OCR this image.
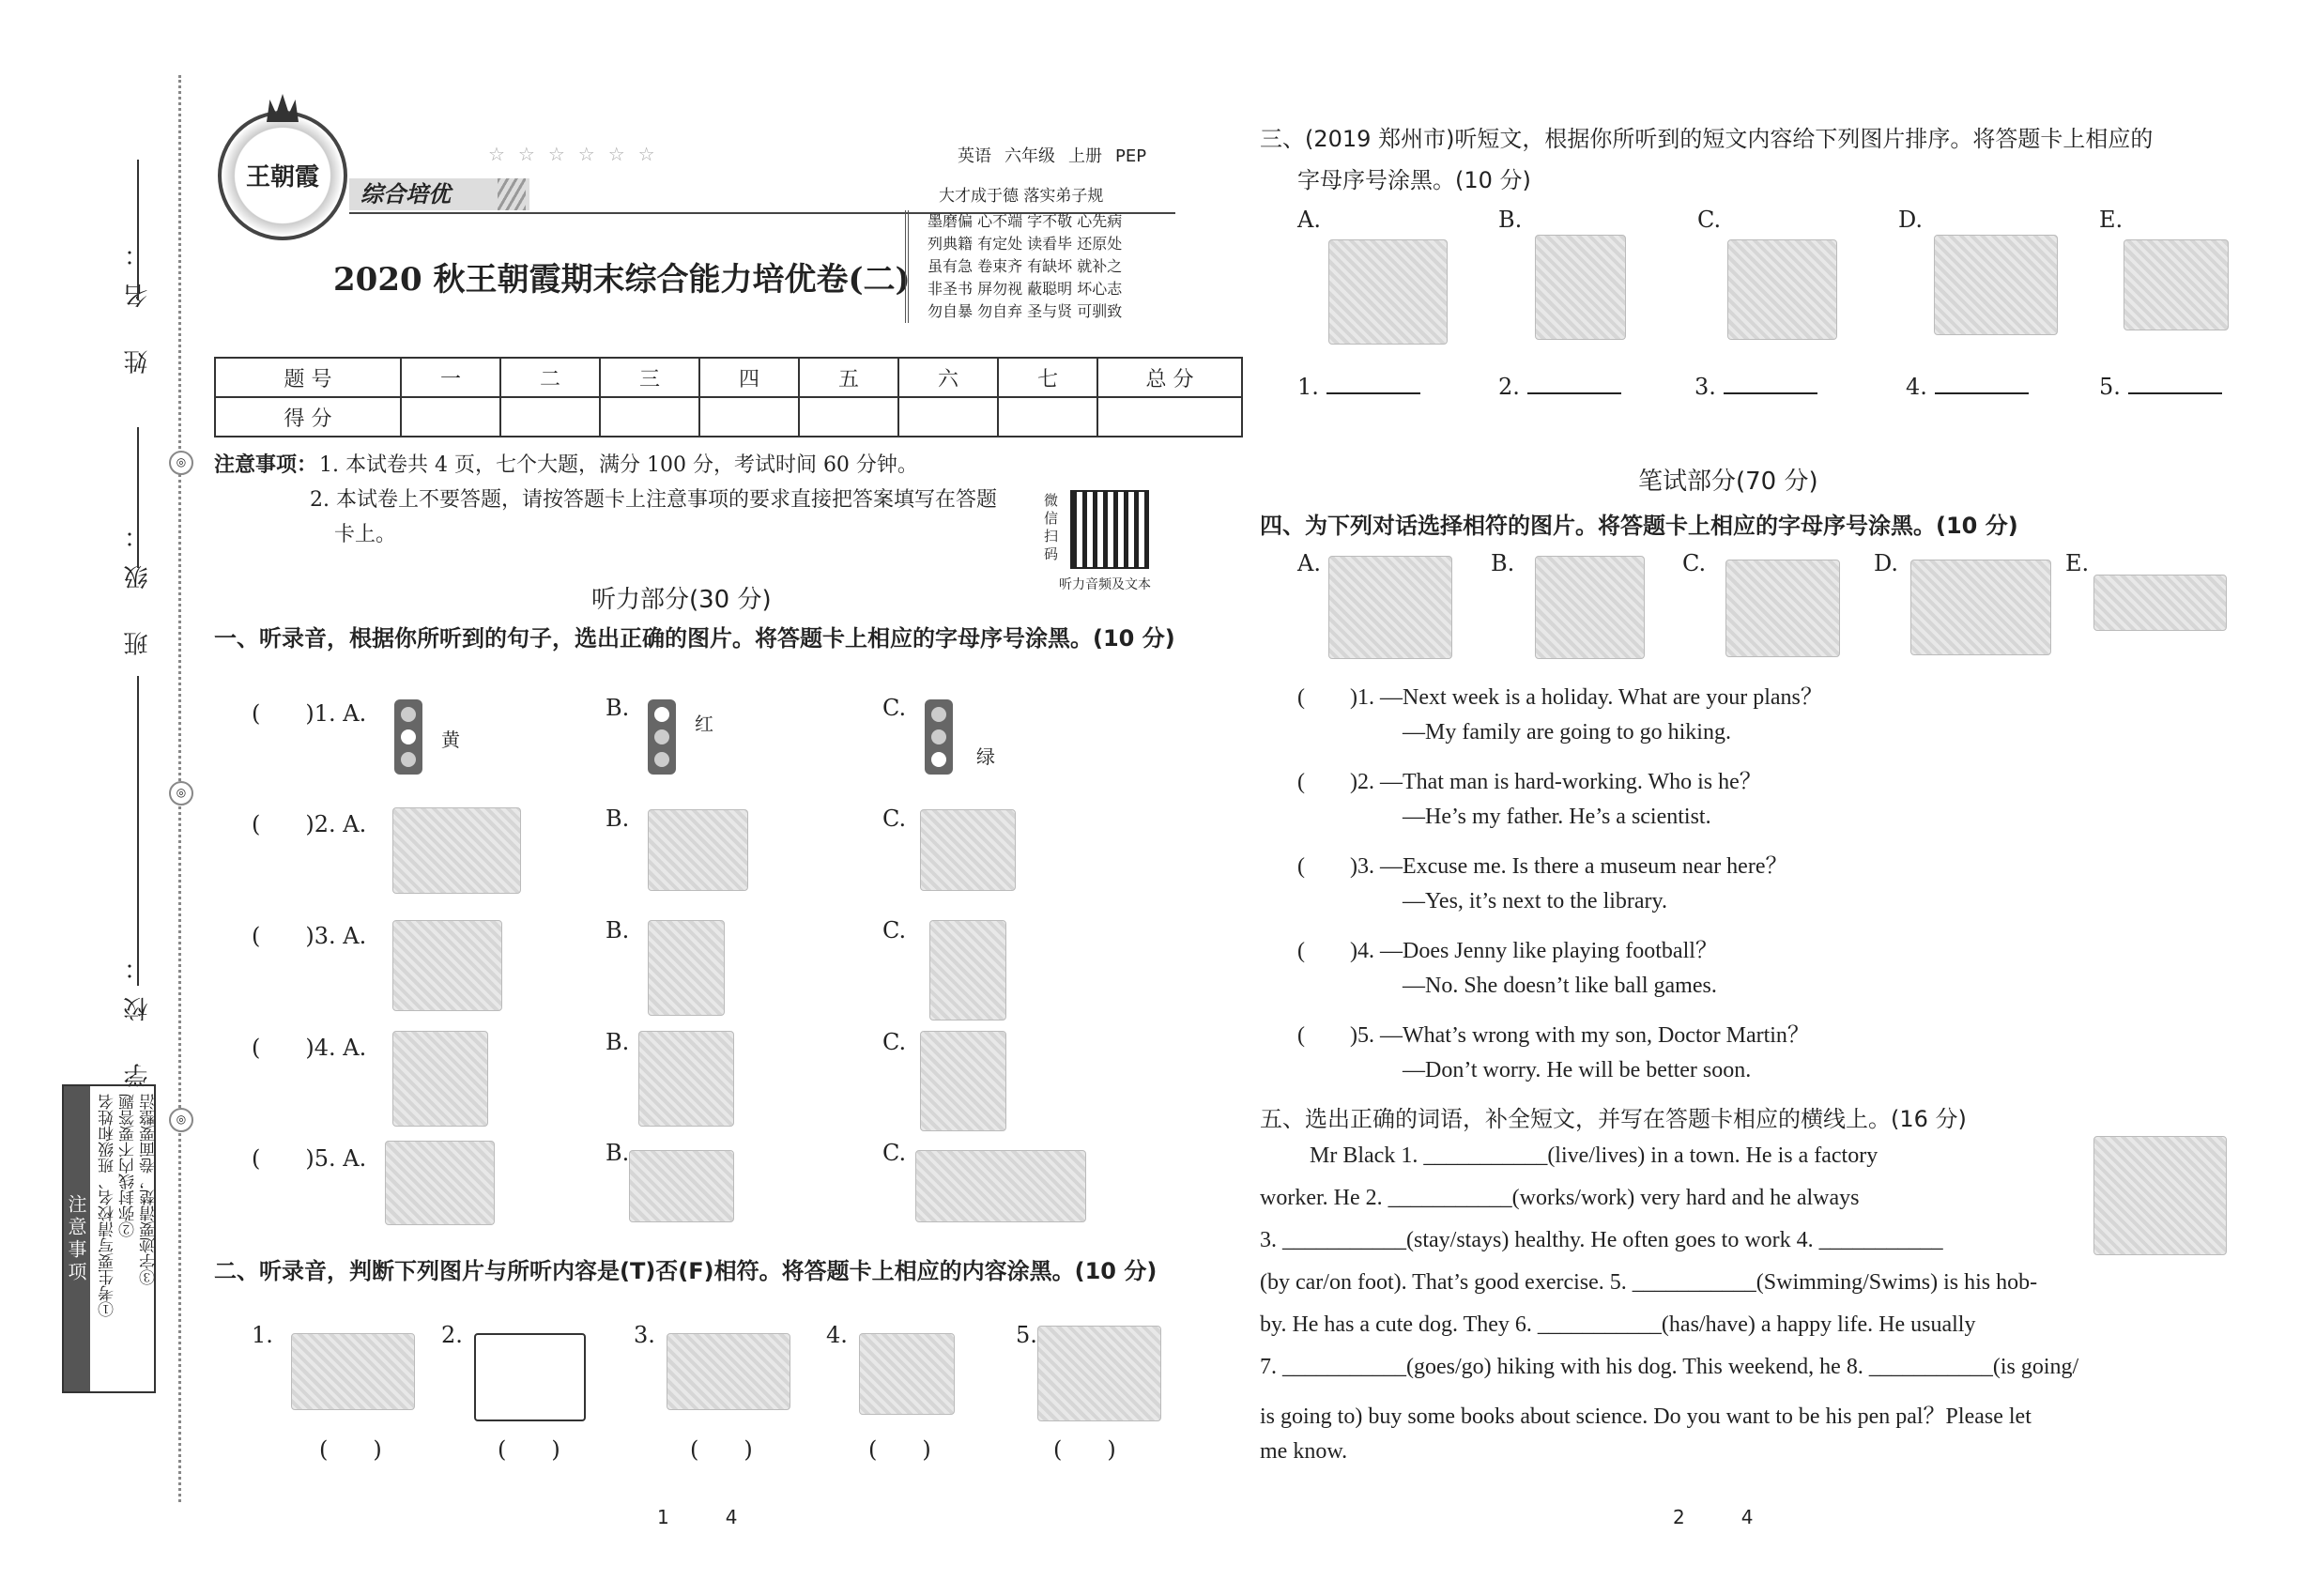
姓 名：
班 级：
学 校：
◎
◎
◎
注意事项 ①考生要写清校名、班级和姓名 ②弥封线内不要答题 ③字迹要清楚，卷面要整洁
王朝霞
综合培优
☆☆☆☆☆☆	英语 六年级 上册 PEP
2020 秋王朝霞期末综合能力培优卷(二)
大才成于德 落实弟子规
墨磨偏 心不端 字不敬 心先病
列典籍 有定处 读看毕 还原处
虽有急 卷束齐 有缺坏 就补之
非圣书 屏勿视 蔽聪明 坏心志
勿自暴 勿自弃 圣与贤 可驯致
题 号	一	二	三	四	五	六	七	总 分
得 分								
注意事项： 1. 本试卷共 4 页，七个大题，满分 100 分，考试时间 60 分钟。
2. 本试卷上不要答题，请按答题卡上注意事项的要求直接把答案填写在答题
卡上。
微信扫码
听力音频及文本
听力部分(30 分)
一、听录音，根据你所听到的句子，选出正确的图片。将答题卡上相应的字母序号涂黑。(10 分)
(　　)1. A.
黄
B.
红
C.
绿
(　　)2. A.	B.	C.
(　　)3. A.	B.	C.
(　　)4. A.	B.	C.
(　　)5. A.	B.	C.
二、听录音，判断下列图片与所听内容是(T)否(F)相符。将答题卡上相应的内容涂黑。(10 分)
1.	2.	3.	4.	5.
(　　)	(　　)	(　　)	(　　)	(　　)
1　　　4
三、(2019 郑州市)听短文，根据你所听到的短文内容给下列图片排序。将答题卡上相应的
字母序号涂黑。(10 分)
A.	B.	C.	D.	E.
1.	2.	3.	4.	5.
笔试部分(70 分)
四、为下列对话选择相符的图片。将答题卡上相应的字母序号涂黑。(10 分)
A.	B.	C.	D.	E.
(　　)1. —Next week is a holiday. What are your plans？
—My family are going to go hiking.
(　　)2. —That man is hard-working. Who is he？
—He’s my father. He’s a scientist.
(　　)3. —Excuse me. Is there a museum near here？
—Yes, it’s next to the library.
(　　)4. —Does Jenny like playing football？
—No. She doesn’t like ball games.
(　　)5. —What’s wrong with my son, Doctor Martin？
—Don’t worry. He will be better soon.
五、选出正确的词语，补全短文，并写在答题卡相应的横线上。(16 分)
Mr Black 1. ___________(live/lives) in a town. He is a factory
worker. He 2. ___________(works/work) very hard and he always
3. ___________(stay/stays) healthy. He often goes to work 4. ___________
(by car/on foot). That’s good exercise. 5. ___________(Swimming/Swims) is his hob-
by. He has a cute dog. They 6. ___________(has/have) a happy life. He usually
7. ___________(goes/go) hiking with his dog. This weekend, he 8. ___________(is going/
is going to) buy some books about science. Do you want to be his pen pal？Please let
me know.
2　　　4
